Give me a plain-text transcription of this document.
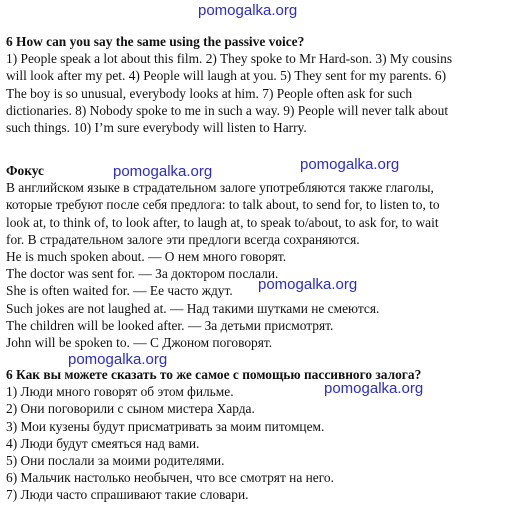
6 How can you say the same using the passive voice?

1) People speak a lot about this film. 2) They spoke to Mr Hard-son. 3) My cousins
will look after my pet. 4) People will laugh at you. 5) They sent for my parents. 6)
The boy is so unusual, everybody looks at him. 7) People often ask for such
dictionaries. 8) Nobody spoke to me in such a way. 9) People will never talk about
such things. 10) I’m sure everybody will listen to Harry.

Фокус

В английском языке в страдательном залоге употребляются также глаголы,
которые требуют после себя предлога: to talk about, to send for, to listen to, to
look at, to think of, to look after, to laugh at, to speak to/about, to ask for, to wait
for. В страдательном залоге эти предлоги всегда сохраняются.

He is much spoken about. — О нем много говорят.
The doctor was sent for. — За доктором послали.
She is often waited for. — Ее часто ждут.
Such jokes are not laughed at. — Над такими шутками не смеются.
The children will be looked after. — За детьми присмотрят.
John will be spoken to. — С Джоном поговорят.

6 Как вы можете сказать то же самое с помощью пассивного залога?

1) Люди много говорят об этом фильме.
2) Они поговорили с сыном мистера Харда.
3) Мои кузены будут присматривать за моим питомцем.
4) Люди будут смеяться над вами.
5) Они послали за моими родителями.
6) Мальчик настолько необычен, что все смотрят на него.
7) Люди часто спрашивают такие словари.

pomogalka.org
pomogalka.org	pomogalka.org
pomogalka.org
pomogalka.org
pomogalka.org
